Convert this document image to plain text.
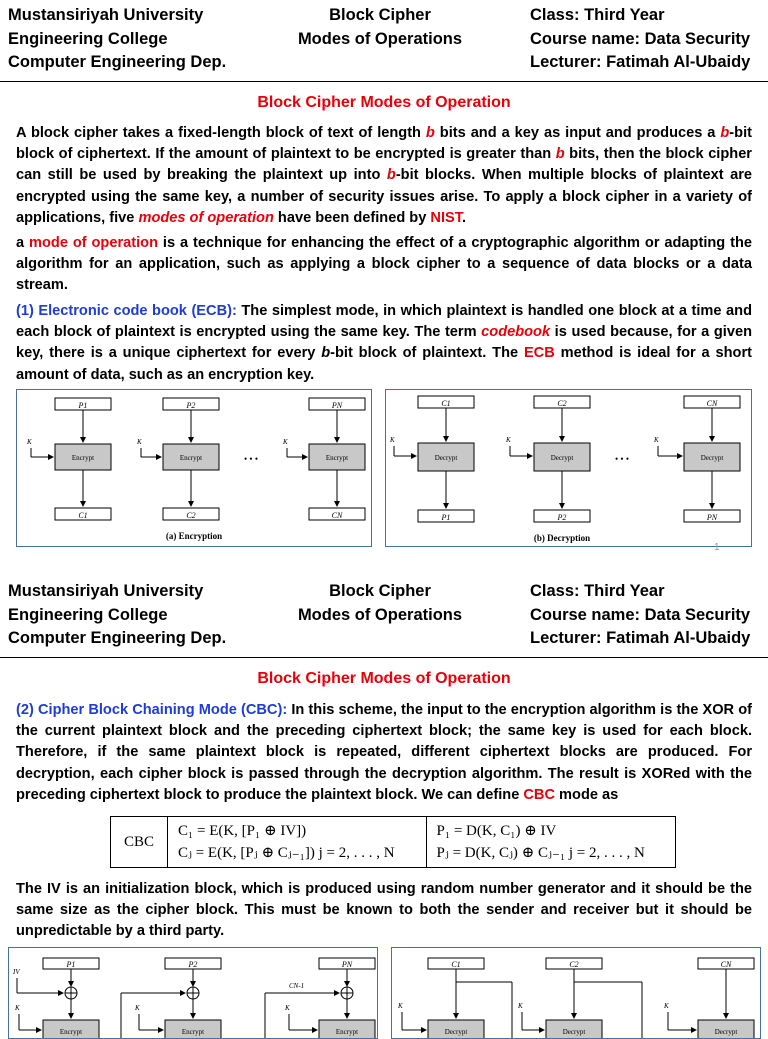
Mustansiriyah University
Engineering College
Computer Engineering Dep.
Block Cipher
Modes of Operations
Class: Third Year
Course name: Data Security
Lecturer: Fatimah Al-Ubaidy
Block Cipher Modes of Operation
A block cipher takes a fixed-length block of text of length b bits and a key as input and produces a b-bit block of ciphertext. If the amount of plaintext to be encrypted is greater than b bits, then the block cipher can still be used by breaking the plaintext up into b-bit blocks. When multiple blocks of plaintext are encrypted using the same key, a number of security issues arise. To apply a block cipher in a variety of applications, five modes of operation have been defined by NIST.
a mode of operation is a technique for enhancing the effect of a cryptographic algorithm or adapting the algorithm for an application, such as applying a block cipher to a sequence of data blocks or a data stream.
(1) Electronic code book (ECB): The simplest mode, in which plaintext is handled one block at a time and each block of plaintext is encrypted using the same key. The term codebook is used because, for a given key, there is a unique ciphertext for every b-bit block of plaintext. The ECB method is ideal for a short amount of data, such as an encryption key.
P1
K
Encrypt
C1
P2
K
Encrypt
C2
• • •
PN
K
Encrypt
CN
(a) Encryption
C1
K
Decrypt
P1
C2
K
Decrypt
P2
• • •
CN
K
Decrypt
PN
(b) Decryption
1
Mustansiriyah University
Engineering College
Computer Engineering Dep.
Block Cipher
Modes of Operations
Class: Third Year
Course name: Data Security
Lecturer: Fatimah Al-Ubaidy
Block Cipher Modes of Operation
(2) Cipher Block Chaining Mode (CBC): In this scheme, the input to the encryption algorithm is the XOR of the current plaintext block and the preceding ciphertext block; the same key is used for each block. Therefore, if the same plaintext block is repeated, different ciphertext blocks are produced. For decryption, each cipher block is passed through the decryption algorithm. The result is XORed with the preceding ciphertext block to produce the plaintext block. We can define CBC mode as
CBC	
C₁ = E(K, [P₁ ⊕ IV])
Cⱼ = E(K, [Pⱼ ⊕ Cⱼ₋₁]) j = 2, . . . , N

P₁ = D(K, C₁) ⊕ IV
Pⱼ = D(K, Cⱼ) ⊕ Cⱼ₋₁ j = 2, . . . , N
The IV is an initialization block, which is produced using random number generator and it should be the same size as the cipher block. This must be known to both the sender and receiver but it should be unpredictable by a third party.
P1
IV
K
Encrypt
P2
K
Encrypt
PN
CN-1
K
Encrypt
C1
K
Decrypt
C2
K
Decrypt
CN
K
Decrypt
